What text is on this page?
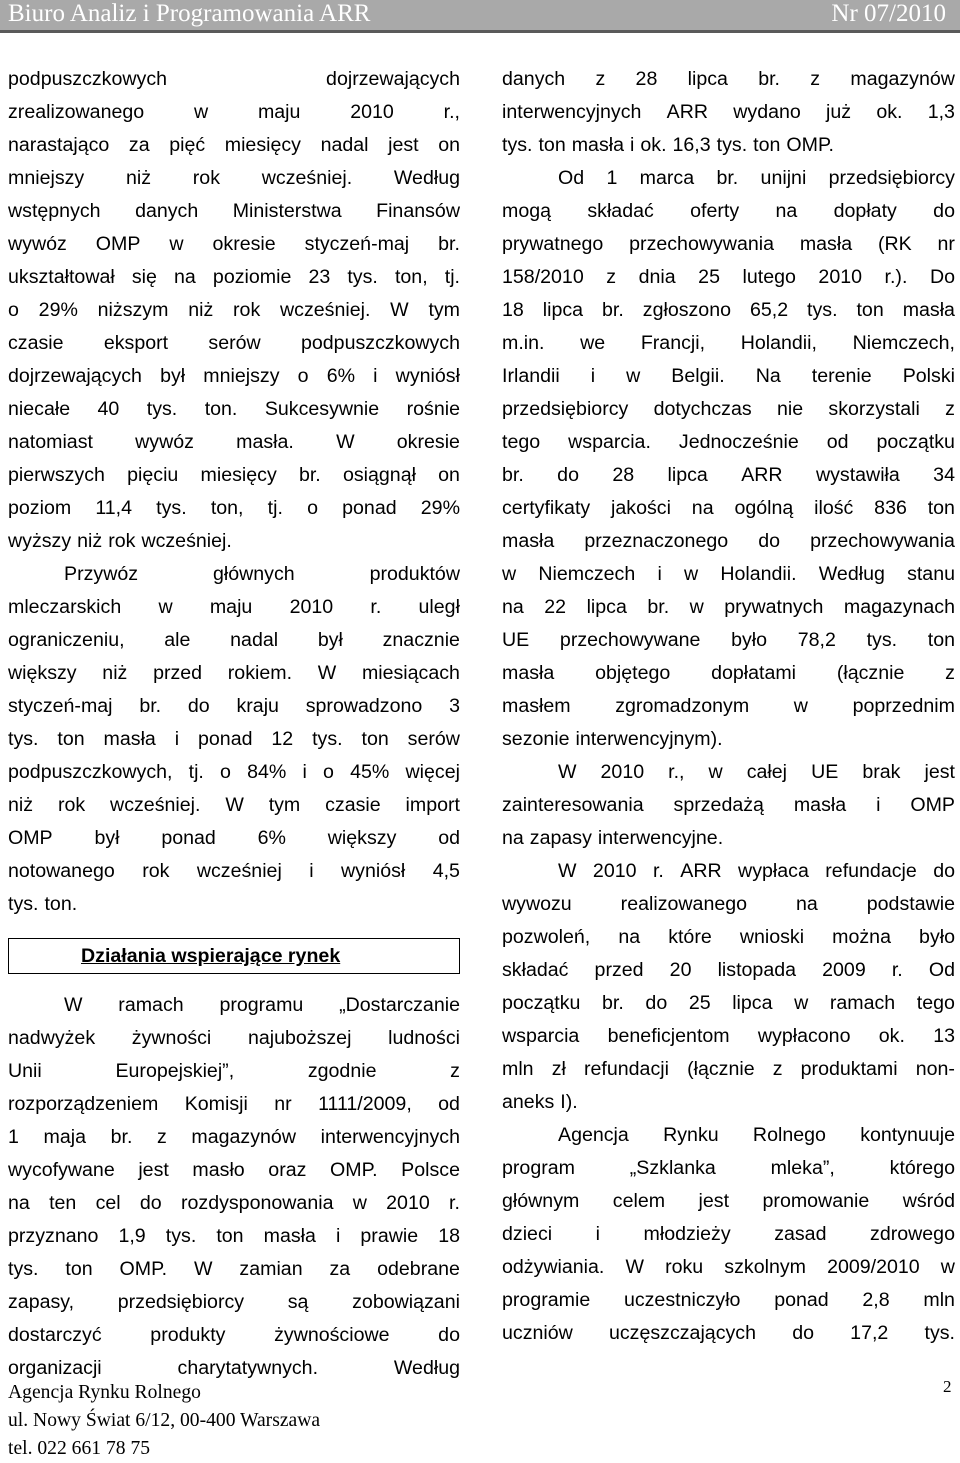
Biuro Analiz i Programowania ARR	Nr 07/2010
podpuszczkowych	dojrzewających
zrealizowanego	w	maju	2010	r.,
narastająco za pięć miesięcy nadal jest on
mniejszy niż rok wcześniej. Według
wstępnych danych Ministerstwa Finansów
wywóz OMP w okresie styczeń-maj br.
ukształtował się na poziomie 23 tys. ton, tj.
o 29% niższym niż rok wcześniej. W tym
czasie eksport serów podpuszczkowych
dojrzewających był mniejszy o 6% i wyniósł
niecałe 40 tys. ton. Sukcesywnie rośnie
natomiast wywóz masła. W okresie
pierwszych pięciu miesięcy br. osiągnął on
poziom 11,4 tys. ton, tj. o ponad 29%
wyższy niż rok wcześniej.
Przywóz	głównych	produktów
mleczarskich w maju 2010 r. uległ
ograniczeniu, ale nadal był znacznie
większy niż przed rokiem. W miesiącach
styczeń-maj br. do kraju sprowadzono 3
tys. ton masła i ponad 12 tys. ton serów
podpuszczkowych, tj. o 84% i o 45% więcej
niż rok wcześniej. W tym czasie import
OMP był ponad 6% większy od
notowanego rok wcześniej i wyniósł 4,5
tys. ton.
Działania wspierające rynek
W ramach programu „Dostarczanie
nadwyżek żywności najuboższej ludności
Unii	Europejskiej”,	zgodnie	z
rozporządzeniem Komisji nr 1111/2009, od
1 maja br. z magazynów interwencyjnych
wycofywane jest masło oraz OMP. Polsce
na ten cel do rozdysponowania w 2010 r.
przyznano 1,9 tys. ton masła i prawie 18
tys. ton OMP. W zamian za odebrane
zapasy, przedsiębiorcy są zobowiązani
dostarczyć produkty żywnościowe do
organizacji	charytatywnych.	Według
danych z 28 lipca br. z magazynów
interwencyjnych ARR wydano już ok. 1,3
tys. ton masła i ok. 16,3 tys. ton OMP.
Od 1 marca br. unijni przedsiębiorcy
mogą składać oferty na dopłaty do
prywatnego przechowywania masła (RK nr
158/2010 z dnia 25 lutego 2010 r.). Do
18 lipca br. zgłoszono 65,2 tys. ton masła
m.in. we Francji, Holandii, Niemczech,
Irlandii i w Belgii. Na terenie Polski
przedsiębiorcy dotychczas nie skorzystali z
tego wsparcia. Jednocześnie od początku
br. do 28 lipca ARR wystawiła 34
certyfikaty jakości na ogólną ilość 836 ton
masła przeznaczonego do przechowywania
w Niemczech i w Holandii. Według stanu
na 22 lipca br. w prywatnych magazynach
UE przechowywane było 78,2 tys. ton
masła objętego dopłatami (łącznie z
masłem zgromadzonym w poprzednim
sezonie interwencyjnym).
W 2010 r., w całej UE brak jest
zainteresowania sprzedażą masła i OMP
na zapasy interwencyjne.
W 2010 r. ARR wypłaca refundacje do
wywozu realizowanego na podstawie
pozwoleń, na które wnioski można było
składać przed 20 listopada 2009 r. Od
początku br. do 25 lipca w ramach tego
wsparcia beneficjentom wypłacono ok. 13
mln zł refundacji (łącznie z produktami non-
aneks I).
Agencja Rynku Rolnego kontynuuje
program	„Szklanka	mleka”,	którego
głównym celem jest promowanie wśród
dzieci i młodzieży zasad zdrowego
odżywiania. W roku szkolnym 2009/2010 w
programie uczestniczyło ponad 2,8 mln
uczniów uczęszczających do 17,2 tys.
Agencja Rynku Rolnego
ul. Nowy Świat 6/12, 00-400 Warszawa
tel. 022 661 78 75
2
